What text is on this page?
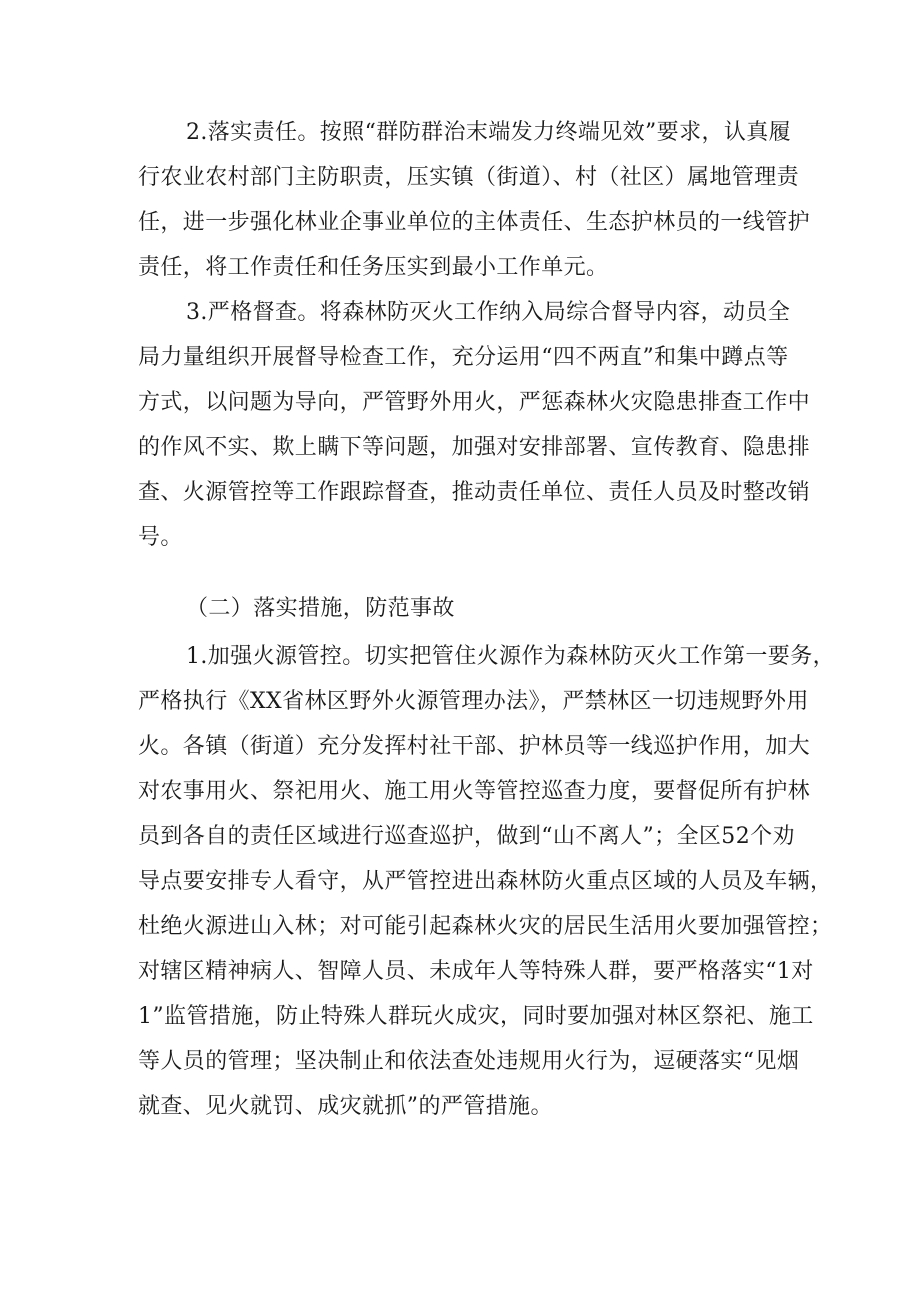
2.落实责任。按照“群防群治末端发力终端见效”要求，认真履
行农业农村部门主防职责，压实镇（街道）、村（社区）属地管理责
任，进一步强化林业企事业单位的主体责任、生态护林员的一线管护
责任，将工作责任和任务压实到最小工作单元。
3.严格督查。将森林防灭火工作纳入局综合督导内容，动员全
局力量组织开展督导检查工作，充分运用“四不两直”和集中蹲点等
方式，以问题为导向，严管野外用火，严惩森林火灾隐患排查工作中
的作风不实、欺上瞒下等问题，加强对安排部署、宣传教育、隐患排
查、火源管控等工作跟踪督查，推动责任单位、责任人员及时整改销
号。
（二）落实措施，防范事故
1.加强火源管控。切实把管住火源作为森林防灭火工作第一要务，
严格执行《XX省林区野外火源管理办法》，严禁林区一切违规野外用
火。各镇（街道）充分发挥村社干部、护林员等一线巡护作用，加大
对农事用火、祭祀用火、施工用火等管控巡查力度，要督促所有护林
员到各自的责任区域进行巡查巡护，做到“山不离人”；全区52个劝
导点要安排专人看守，从严管控进出森林防火重点区域的人员及车辆，
杜绝火源进山入林；对可能引起森林火灾的居民生活用火要加强管控；
对辖区精神病人、智障人员、未成年人等特殊人群，要严格落实“1对
1”监管措施，防止特殊人群玩火成灾，同时要加强对林区祭祀、施工
等人员的管理；坚决制止和依法查处违规用火行为，逗硬落实“见烟
就查、见火就罚、成灾就抓”的严管措施。
